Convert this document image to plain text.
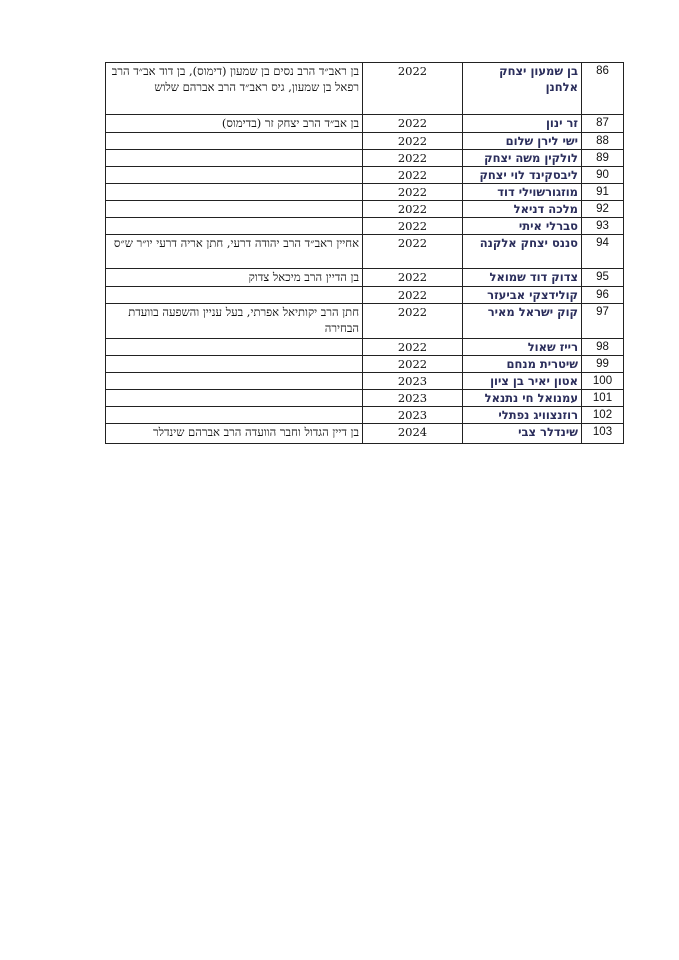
בן ראב״ד הרב נסים בן שמעון (דימוס), בן דוד אב״ד הרב רפאל בן שמעון, גיס ראב״ד הרב אברהם שלוש	2022	בן שמעון יצחק אלחנן	86
בן אב״ד הרב יצחק זר (בדימוס)	2022	זר ינון	87
	2022	ישי לירן שלום	88
	2022	לולקין משה יצחק	89
	2022	ליבסקינד לוי יצחק	90
	2022	מוזגורשוילי דוד	91
	2022	מלכה דניאל	92
	2022	סברלי איתי	93
אחיין ראב״ד הרב יהודה דרעי, חתן אריה דרעי יו״ר ש״ס	2022	סננס יצחק אלקנה	94
בן הדיין הרב מיכאל צדוק	2022	צדוק דוד שמואל	95
	2022	קולידצקי אביעזר	96
חתן הרב יקותיאל אפרתי, בעל עניין והשפעה בוועדת הבחירה	2022	קוק ישראל מאיר	97
	2022	רייז שאול	98
	2022	שיטרית מנחם	99
	2023	אטון יאיר בן ציון	100
	2023	עמנואל חי נתנאל	101
	2023	רוזנצוויג נפתלי	102
בן דיין הגדול וחבר הוועדה הרב אברהם שינדלר	2024	שינדלר צבי	103
